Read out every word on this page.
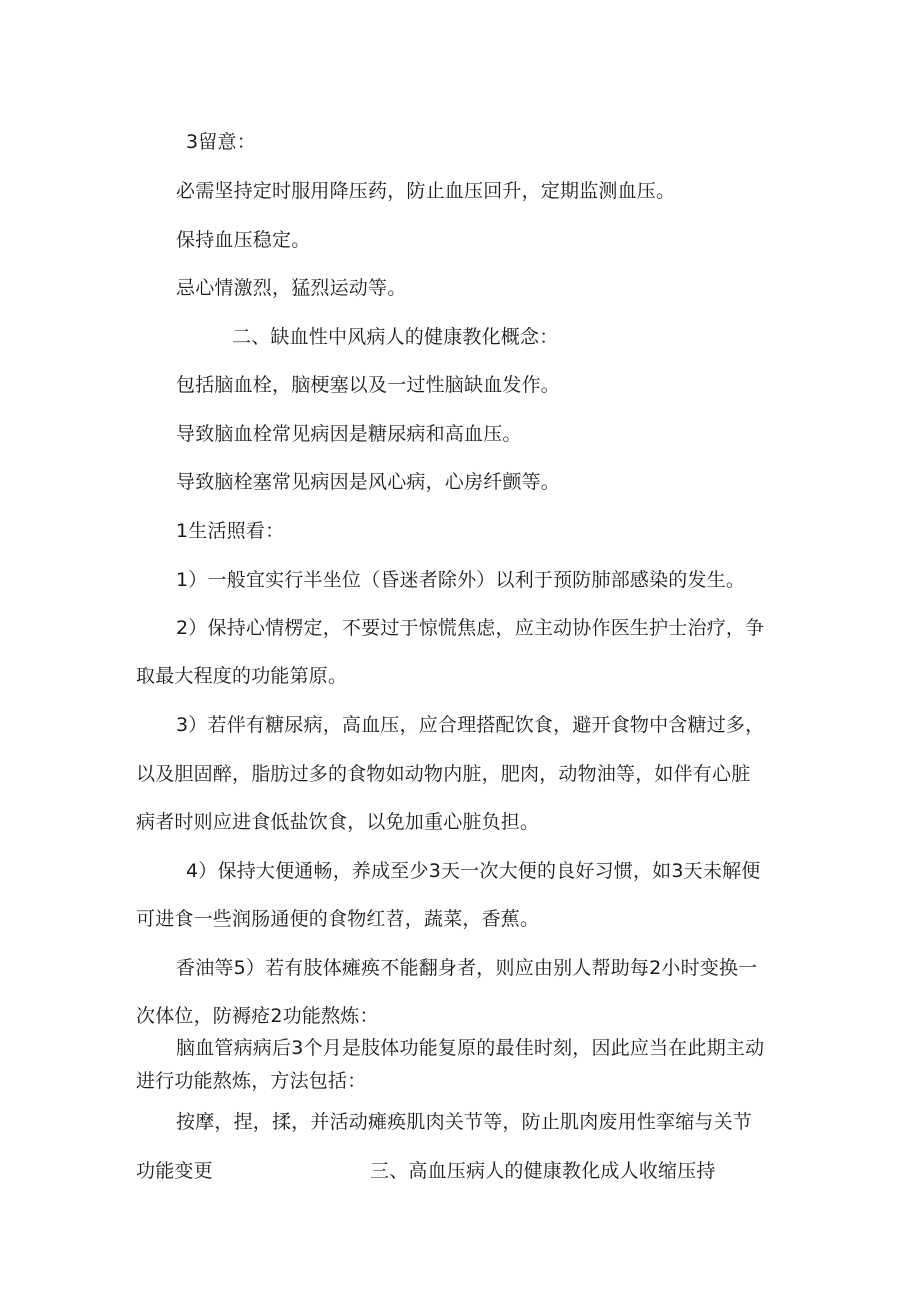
3留意：
必需坚持定时服用降压药，防止血压回升，定期监测血压。
保持血压稳定。
忌心情激烈，猛烈运动等。
二、缺血性中风病人的健康教化概念：
包括脑血栓，脑梗塞以及一过性脑缺血发作。
导致脑血栓常见病因是糖尿病和高血压。
导致脑栓塞常见病因是风心病，心房纤颤等。
1生活照看：
1）一般宜实行半坐位（昏迷者除外）以利于预防肺部感染的发生。
2）保持心情楞定，不要过于惊慌焦虑，应主动协作医生护士治疗，争
取最大程度的功能第原。
3）若伴有糖尿病，高血压，应合理搭配饮食，避开食物中含糖过多，
以及胆固醉，脂肪过多的食物如动物内脏，肥肉，动物油等，如伴有心脏
病者时则应进食低盐饮食，以免加重心脏负担。
4）保持大便通畅，养成至少3天一次大便的良好习惯，如3天未解便
可进食一些润肠通便的食物红苕，蔬菜，香蕉。
香油等5）若有肢体瘫痪不能翻身者，则应由别人帮助每2小时变换一
次体位，防褥疮2功能熬炼：
脑血管病病后3个月是肢体功能复原的最佳时刻，因此应当在此期主动
进行功能熬炼，方法包括：
按摩，捏，揉，并活动瘫痪肌肉关节等，防止肌肉废用性挛缩与关节
功能变更	三、高血压病人的健康教化成人收缩压持
